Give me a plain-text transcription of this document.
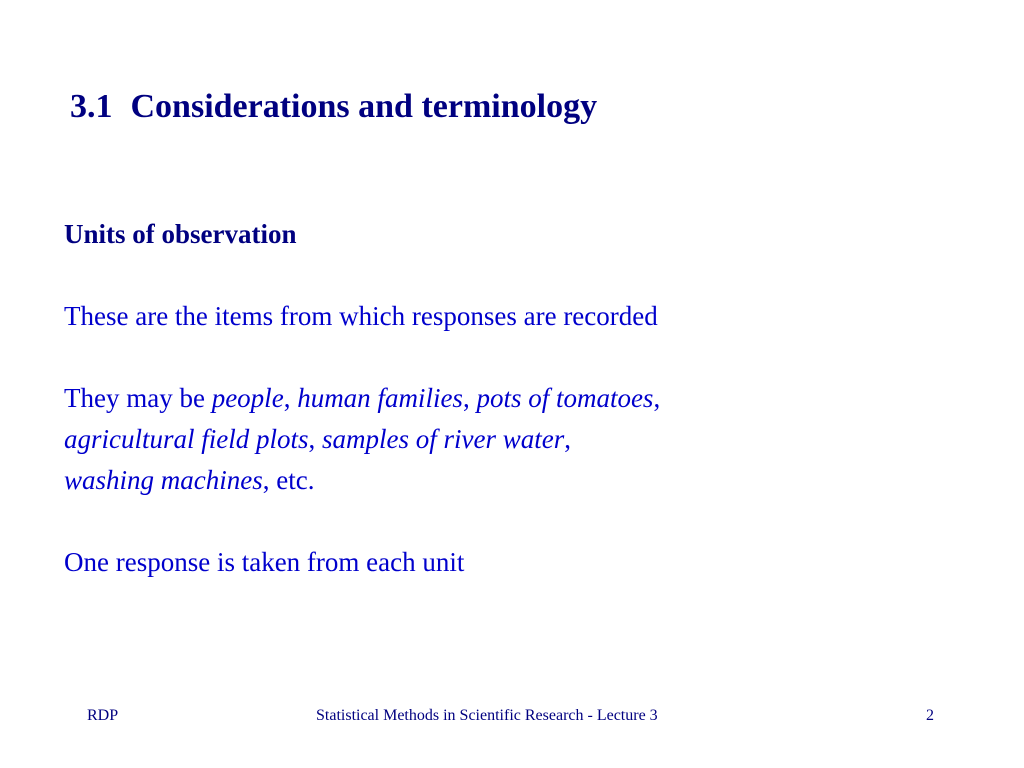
3.1 Considerations and terminology

Units of observation

These are the items from which responses are recorded

They may be people, human families, pots of tomatoes,
agricultural field plots, samples of river water,
washing machines, etc.

One response is taken from each unit

RDP	Statistical Methods in Scientific Research - Lecture 3	2
